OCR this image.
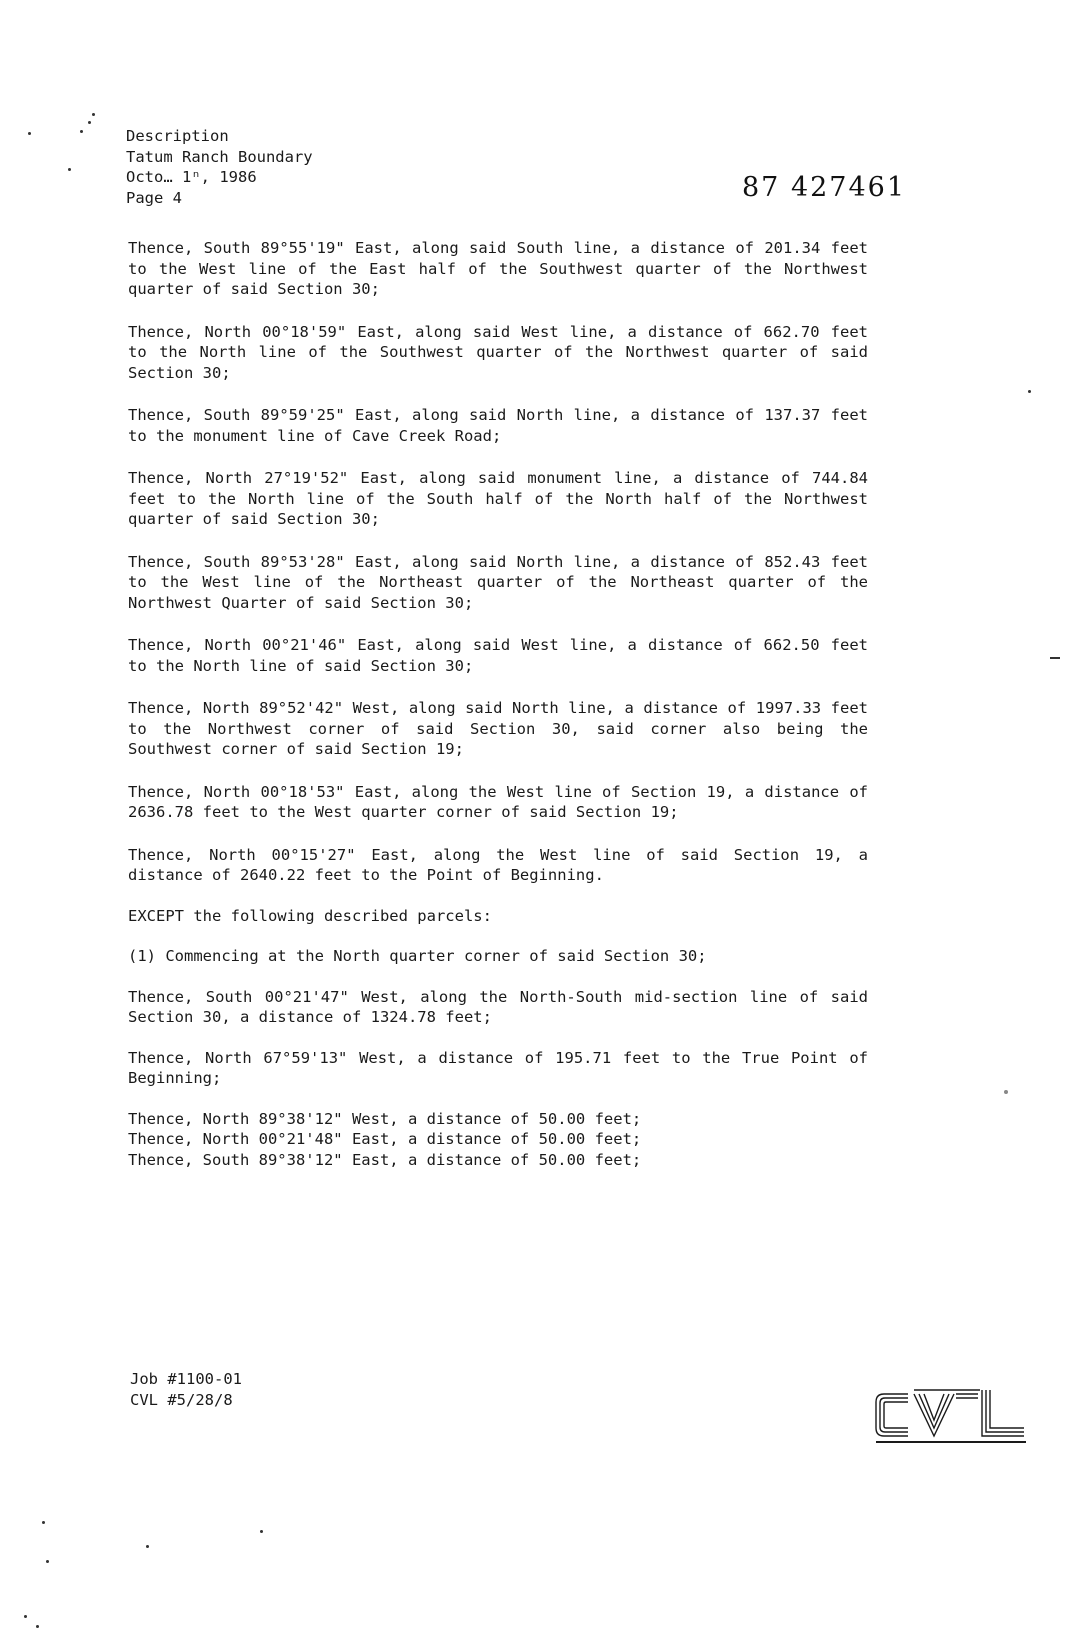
Description
Tatum Ranch Boundary
Octo… 1ⁿ, 1986
Page 4	87 427461

Thence, South 89°55'19" East, along said South line, a distance of 201.34 feet to the West line of the East half of the Southwest quarter of the Northwest quarter of said Section 30;

Thence, North 00°18'59" East, along said West line, a distance of 662.70 feet to the North line of the Southwest quarter of the Northwest quarter of said Section 30;

Thence, South 89°59'25" East, along said North line, a distance of 137.37 feet to the monument line of Cave Creek Road;

Thence, North 27°19'52" East, along said monument line, a distance of 744.84 feet to the North line of the South half of the North half of the Northwest quarter of said Section 30;

Thence, South 89°53'28" East, along said North line, a distance of 852.43 feet to the West line of the Northeast quarter of the Northeast quarter of the Northwest Quarter of said Section 30;

Thence, North 00°21'46" East, along said West line, a distance of 662.50 feet to the North line of said Section 30;

Thence, North 89°52'42" West, along said North line, a distance of 1997.33 feet to the Northwest corner of said Section 30, said corner also being the Southwest corner of said Section 19;

Thence, North 00°18'53" East, along the West line of Section 19, a distance of 2636.78 feet to the West quarter corner of said Section 19;

Thence, North 00°15'27" East, along the West line of said Section 19, a distance of 2640.22 feet to the Point of Beginning.

EXCEPT the following described parcels:

(1) Commencing at the North quarter corner of said Section 30;

Thence, South 00°21'47" West, along the North-South mid-section line of said Section 30, a distance of 1324.78 feet;

Thence, North 67°59'13" West, a distance of 195.71 feet to the True Point of Beginning;

Thence, North 89°38'12" West, a distance of 50.00 feet;

Thence, North 00°21'48" East, a distance of 50.00 feet;

Thence, South 89°38'12" East, a distance of 50.00 feet;

Job #1100-01
CVL #5/28/8
